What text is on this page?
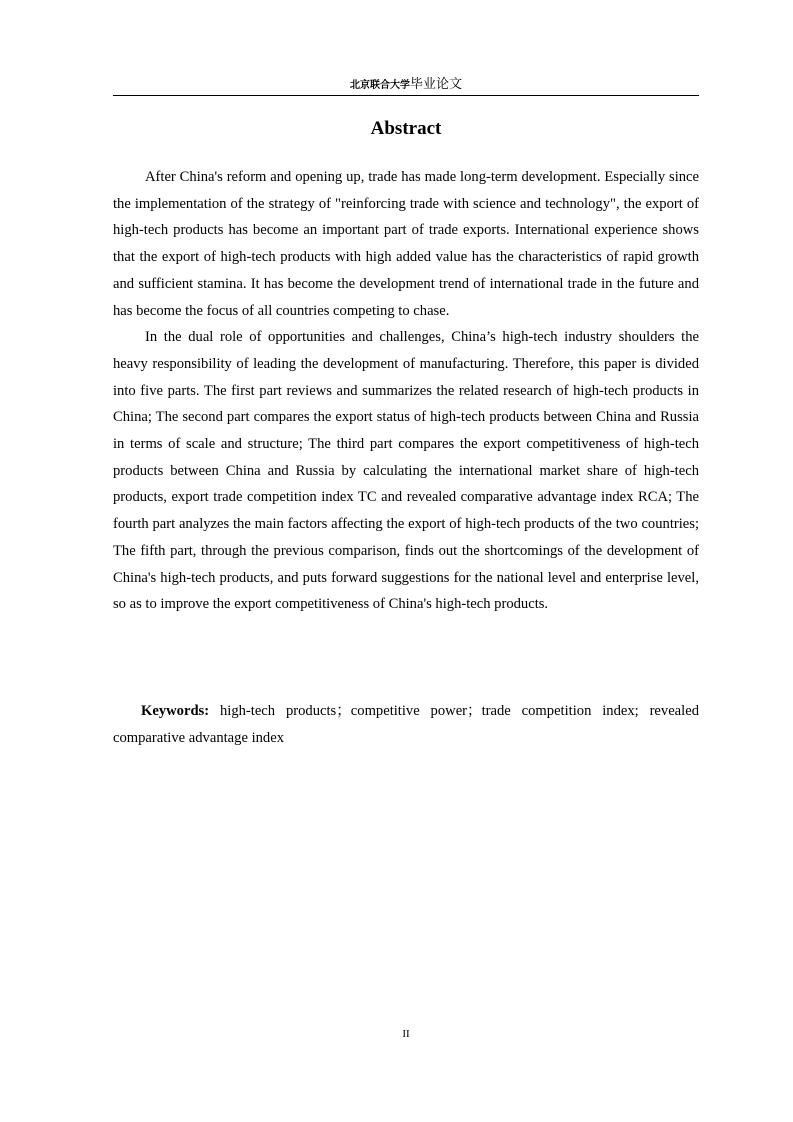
北京联合大学毕业论文
Abstract

After China's reform and opening up, trade has made long-term development. Especially since the implementation of the strategy of "reinforcing trade with science and technology", the export of high-tech products has become an important part of trade exports. International experience shows that the export of high-tech products with high added value has the characteristics of rapid growth and sufficient stamina. It has become the development trend of international trade in the future and has become the focus of all countries competing to chase.

In the dual role of opportunities and challenges, China’s high-tech industry shoulders the heavy responsibility of leading the development of manufacturing. Therefore, this paper is divided into five parts. The first part reviews and summarizes the related research of high-tech products in China; The second part compares the export status of high-tech products between China and Russia in terms of scale and structure; The third part compares the export competitiveness of high-tech products between China and Russia by calculating the international market share of high-tech products, export trade competition index TC and revealed comparative advantage index RCA; The fourth part analyzes the main factors affecting the export of high-tech products of the two countries; The fifth part, through the previous comparison, finds out the shortcomings of the development of China's high-tech products, and puts forward suggestions for the national level and enterprise level, so as to improve the export competitiveness of China's high-tech products.

Keywords: high-tech products；competitive power；trade competition index; revealed comparative advantage index
II
